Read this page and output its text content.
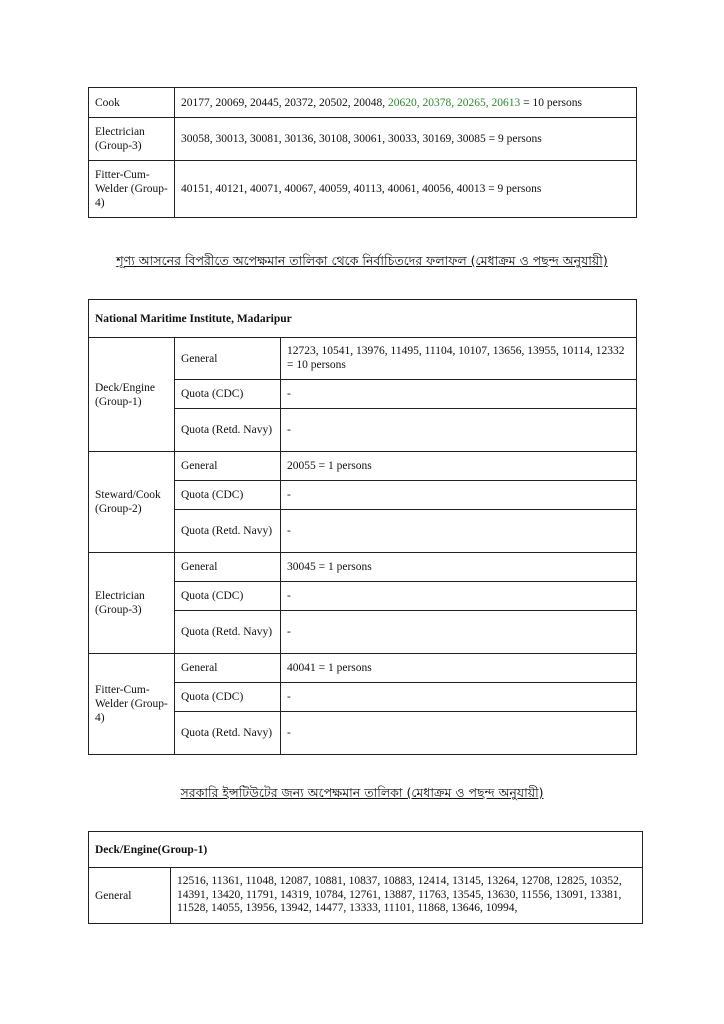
Cook	20177, 20069, 20445, 20372, 20502, 20048, 20620, 20378, 20265, 20613 = 10 persons
Electrician (Group-3)	30058, 30013, 30081, 30136, 30108, 30061, 30033, 30169, 30085 = 9 persons
Fitter-Cum-Welder (Group-4)	40151, 40121, 40071, 40067, 40059, 40113, 40061, 40056, 40013 = 9 persons
শূণ্য আসনের বিপরীতে অপেক্ষমান তালিকা থেকে নির্বাচিতদের ফলাফল (মেধাক্রম ও পছন্দ অনুযায়ী)
National Maritime Institute, Madaripur		
Deck/Engine (Group-1)	General	12723, 10541, 13976, 11495, 11104, 10107, 13656, 13955, 10114, 12332 = 10 persons
	Quota (CDC)	-
	Quota (Retd. Navy)	-
Steward/Cook (Group-2)	General	20055 = 1 persons
	Quota (CDC)	-
	Quota (Retd. Navy)	-
Electrician (Group-3)	General	30045 = 1 persons
	Quota (CDC)	-
	Quota (Retd. Navy)	-
Fitter-Cum-Welder (Group-4)	General	40041 = 1 persons
	Quota (CDC)	-
	Quota (Retd. Navy)	-
সরকারি ইন্সটিউটের জন্য অপেক্ষমান তালিকা (মেধাক্রম ও পছন্দ অনুযায়ী)
Deck/Engine(Group-1)
General	12516, 11361, 11048, 12087, 10881, 10837, 10883, 12414, 13145, 13264, 12708, 12825, 10352, 14391, 13420, 11791, 14319, 10784, 12761, 13887, 11763, 13545, 13630, 11556, 13091, 13381, 11528, 14055, 13956, 13942, 14477, 13333, 11101, 11868, 13646, 10994,
